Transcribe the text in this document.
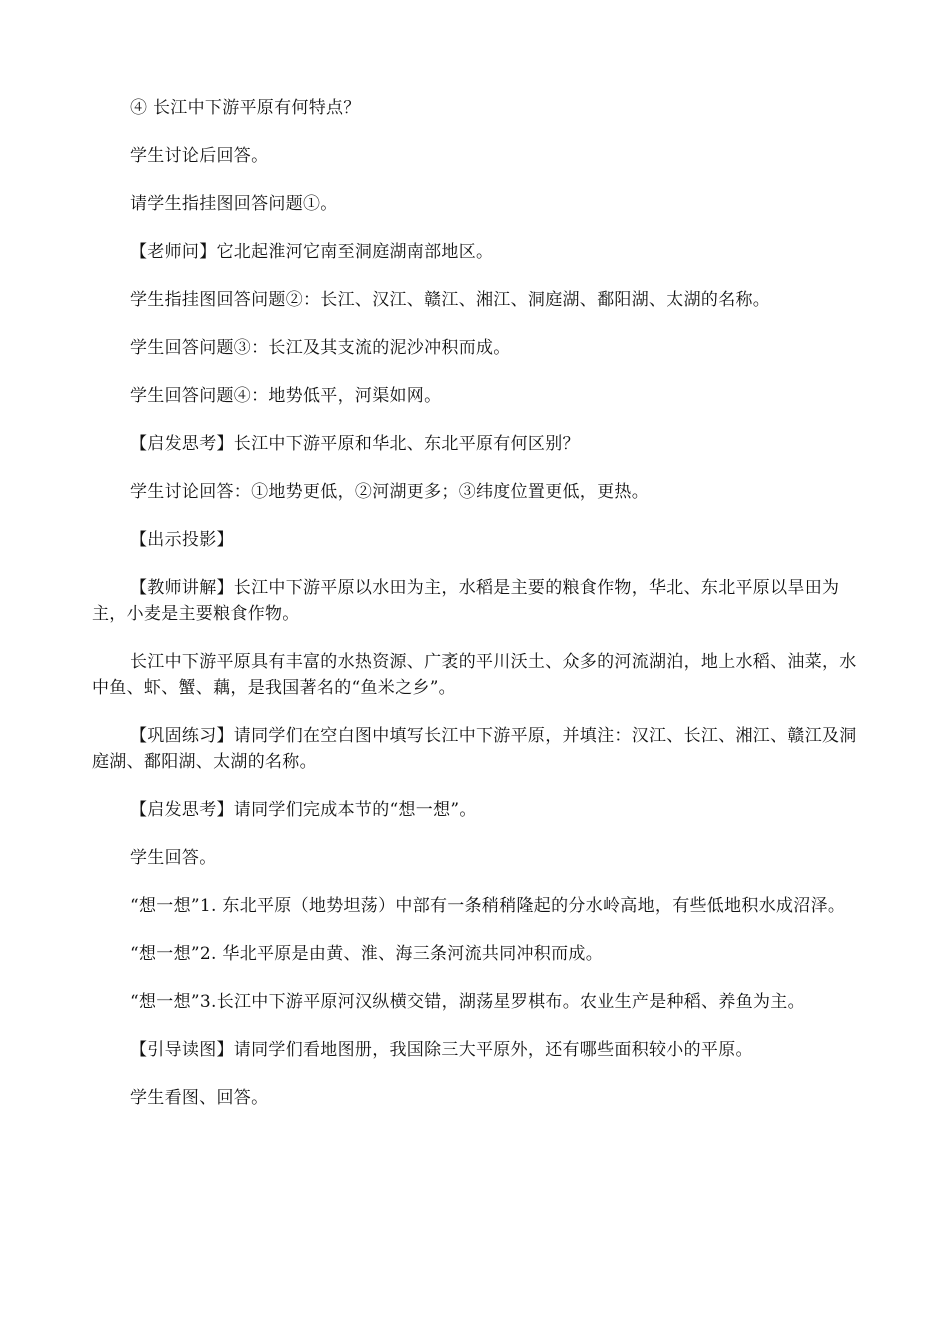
④ 长江中下游平原有何特点？

学生讨论后回答。

请学生指挂图回答问题①。

【老师问】它北起淮河它南至洞庭湖南部地区。

学生指挂图回答问题②：长江、汉江、赣江、湘江、洞庭湖、鄱阳湖、太湖的名称。

学生回答问题③：长江及其支流的泥沙冲积而成。

学生回答问题④：地势低平，河渠如网。

【启发思考】长江中下游平原和华北、东北平原有何区别？

学生讨论回答：①地势更低，②河湖更多；③纬度位置更低，更热。

【出示投影】

【教师讲解】长江中下游平原以水田为主，水稻是主要的粮食作物，华北、东北平原以旱田为主，小麦是主要粮食作物。

长江中下游平原具有丰富的水热资源、广袤的平川沃土、众多的河流湖泊，地上水稻、油菜，水中鱼、虾、蟹、藕，是我国著名的“鱼米之乡”。

【巩固练习】请同学们在空白图中填写长江中下游平原，并填注：汉江、长江、湘江、赣江及洞庭湖、鄱阳湖、太湖的名称。

【启发思考】请同学们完成本节的“想一想”。

学生回答。

“想一想”1. 东北平原（地势坦荡）中部有一条稍稍隆起的分水岭高地，有些低地积水成沼泽。

“想一想”2. 华北平原是由黄、淮、海三条河流共同冲积而成。

“想一想”3.长江中下游平原河汉纵横交错，湖荡星罗棋布。农业生产是种稻、养鱼为主。

【引导读图】请同学们看地图册，我国除三大平原外，还有哪些面积较小的平原。

学生看图、回答。
